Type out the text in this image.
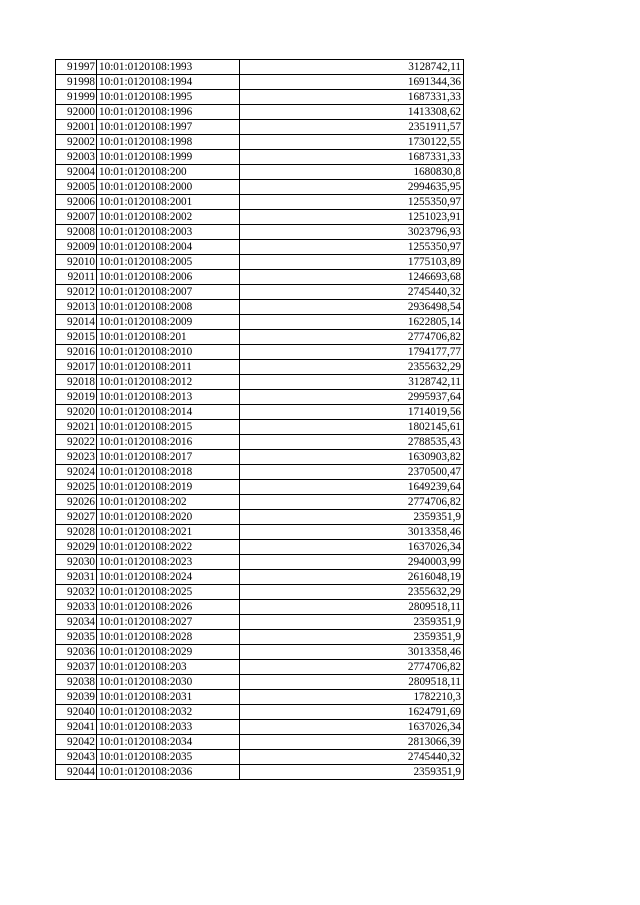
91997	10:01:0120108:1993	3128742,11
91998	10:01:0120108:1994	1691344,36
91999	10:01:0120108:1995	1687331,33
92000	10:01:0120108:1996	1413308,62
92001	10:01:0120108:1997	2351911,57
92002	10:01:0120108:1998	1730122,55
92003	10:01:0120108:1999	1687331,33
92004	10:01:0120108:200	1680830,8
92005	10:01:0120108:2000	2994635,95
92006	10:01:0120108:2001	1255350,97
92007	10:01:0120108:2002	1251023,91
92008	10:01:0120108:2003	3023796,93
92009	10:01:0120108:2004	1255350,97
92010	10:01:0120108:2005	1775103,89
92011	10:01:0120108:2006	1246693,68
92012	10:01:0120108:2007	2745440,32
92013	10:01:0120108:2008	2936498,54
92014	10:01:0120108:2009	1622805,14
92015	10:01:0120108:201	2774706,82
92016	10:01:0120108:2010	1794177,77
92017	10:01:0120108:2011	2355632,29
92018	10:01:0120108:2012	3128742,11
92019	10:01:0120108:2013	2995937,64
92020	10:01:0120108:2014	1714019,56
92021	10:01:0120108:2015	1802145,61
92022	10:01:0120108:2016	2788535,43
92023	10:01:0120108:2017	1630903,82
92024	10:01:0120108:2018	2370500,47
92025	10:01:0120108:2019	1649239,64
92026	10:01:0120108:202	2774706,82
92027	10:01:0120108:2020	2359351,9
92028	10:01:0120108:2021	3013358,46
92029	10:01:0120108:2022	1637026,34
92030	10:01:0120108:2023	2940003,99
92031	10:01:0120108:2024	2616048,19
92032	10:01:0120108:2025	2355632,29
92033	10:01:0120108:2026	2809518,11
92034	10:01:0120108:2027	2359351,9
92035	10:01:0120108:2028	2359351,9
92036	10:01:0120108:2029	3013358,46
92037	10:01:0120108:203	2774706,82
92038	10:01:0120108:2030	2809518,11
92039	10:01:0120108:2031	1782210,3
92040	10:01:0120108:2032	1624791,69
92041	10:01:0120108:2033	1637026,34
92042	10:01:0120108:2034	2813066,39
92043	10:01:0120108:2035	2745440,32
92044	10:01:0120108:2036	2359351,9
